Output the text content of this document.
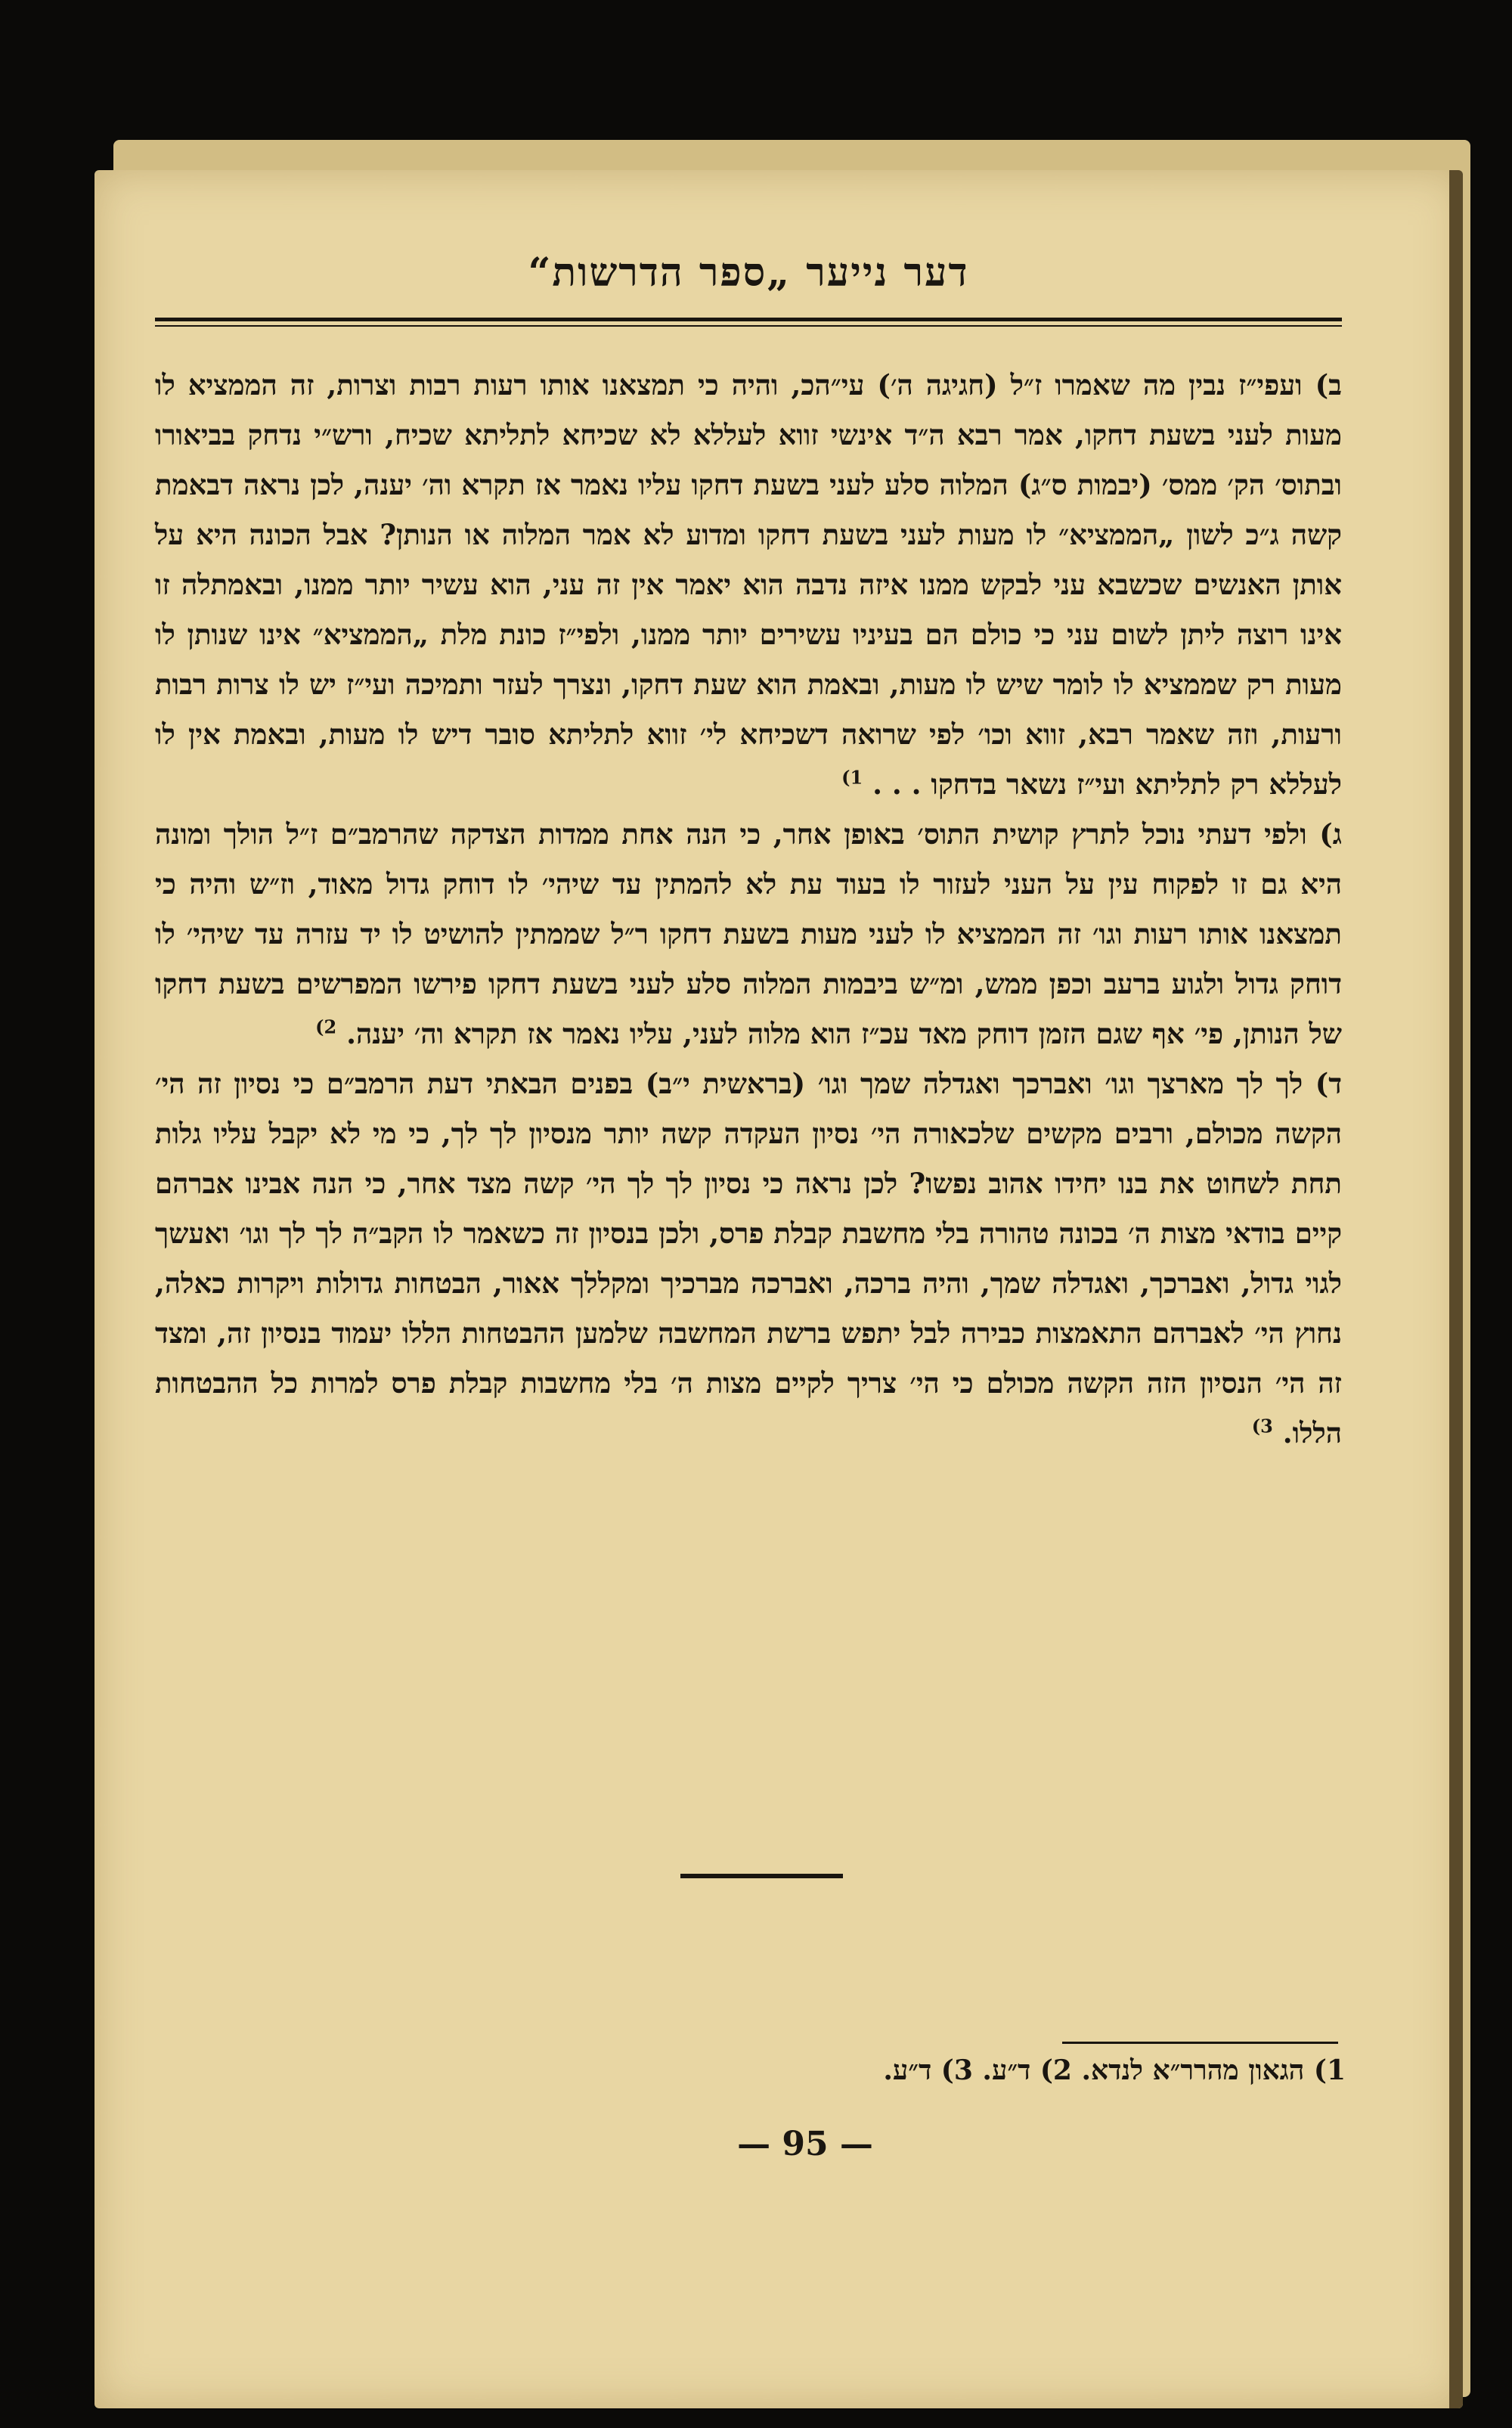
דער נייער „ספר הדרשות“

ב) ועפי״ז נבין מה שאמרו ז״ל (חגיגה ה׳) עי״הכ, והיה כי תמצאנו אותו רעות רבות וצרות, זה הממציא לו מעות לעני בשעת דחקו, אמר רבא ה״ד אינשי זווא לעללא לא שכיחא לתליתא שכיח, ורש״י נדחק בביאורו ובתוס׳ הק׳ ממס׳ (יבמות ס״ג) המלוה סלע לעני בשעת דחקו עליו נאמר אז תקרא וה׳ יענה, לכן נראה דבאמת קשה ג״כ לשון „הממציא״ לו מעות לעני בשעת דחקו ומדוע לא אמר המלוה או הנותן? אבל הכונה היא על אותן האנשים שכשבא עני לבקש ממנו איזה נדבה הוא יאמר אין זה עני, הוא עשיר יותר ממנו, ובאמתלה זו אינו רוצה ליתן לשום עני כי כולם הם בעיניו עשירים יותר ממנו, ולפי״ז כונת מלת „הממציא״ אינו שנותן לו מעות רק שממציא לו לומר שיש לו מעות, ובאמת הוא שעת דחקו, ונצרך לעזר ותמיכה ועי״ז יש לו צרות רבות ורעות, וזה שאמר רבא, זווא וכו׳ לפי שרואה דשכיחא לי׳ זווא לתליתא סובר דיש לו מעות, ובאמת אין לו לעללא רק לתליתא ועי״ז נשאר בדחקו . . . $^{1)}$

ג) ולפי דעתי נוכל לתרץ קושית התוס׳ באופן אחר, כי הנה אחת ממדות הצדקה שהרמב״ם ז״ל הולך ומונה היא גם זו לפקוח עין על העני לעזור לו בעוד עת לא להמתין עד שיהי׳ לו דוחק גדול מאוד, וז״ש והיה כי תמצאנו אותו רעות וגו׳ זה הממציא לו לעני מעות בשעת דחקו ר״ל שממתין להושיט לו יד עזרה עד שיהי׳ לו דוחק גדול ולגוע ברעב וכפן ממש, ומ״ש ביבמות המלוה סלע לעני בשעת דחקו פירשו המפרשים בשעת דחקו של הנותן, פי׳ אף שגם הזמן דוחק מאד עכ״ז הוא מלוה לעני, עליו נאמר אז תקרא וה׳ יענה. $^{2)}$

ד) לך לך מארצך וגו׳ ואברכך ואגדלה שמך וגו׳ (בראשית י״ב) בפנים הבאתי דעת הרמב״ם כי נסיון זה הי׳ הקשה מכולם, ורבים מקשים שלכאורה הי׳ נסיון העקדה קשה יותר מנסיון לך לך, כי מי לא יקבל עליו גלות תחת לשחוט את בנו יחידו אהוב נפשו? לכן נראה כי נסיון לך לך הי׳ קשה מצד אחר, כי הנה אבינו אברהם קיים בודאי מצות ה׳ בכונה טהורה בלי מחשבת קבלת פרס, ולכן בנסיון זה כשאמר לו הקב״ה לך לך וגו׳ ואעשך לגוי גדול, ואברכך, ואגדלה שמך, והיה ברכה, ואברכה מברכיך ומקללך אאור, הבטחות גדולות ויקרות כאלה, נחוץ הי׳ לאברהם התאמצות כבירה לבל יתפש ברשת המחשבה שלמען ההבטחות הללו יעמוד בנסיון זה, ומצד זה הי׳ הנסיון הזה הקשה מכולם כי הי׳ צריך לקיים מצות ה׳ בלי מחשבות קבלת פרס למרות כל ההבטחות הללו. $^{3)}$

1) הגאון מהרר״א לנדא. 2) ד״ע. 3) ד״ע.
— 95 —
